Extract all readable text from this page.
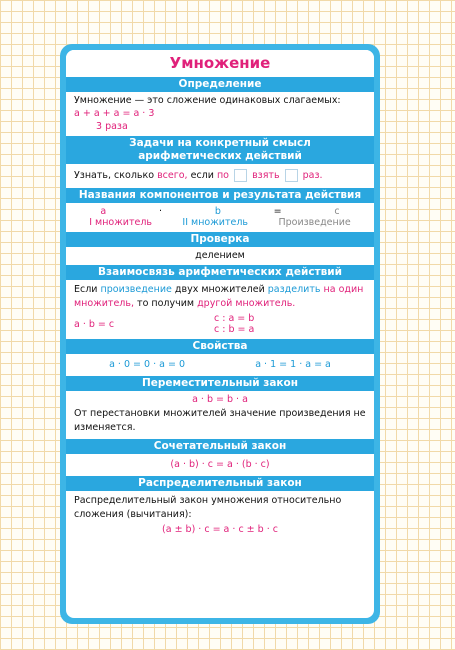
Умножение
Определение
Умножение — это сложение одинаковых слагаемых:
a + a + a = a · 3
3 раза
Задачи на конкретный смысл
арифметических действий
Узнать, сколько всего, если по взять раз.
Названия компонентов и результата действия
a	·	b	=	c
I множитель	II множитель	Произведение
Проверка
делением
Взаимосвязь арифметических действий
Если произведение двух множителей разделить на один множитель, то получим другой множитель.
a · b = c	c : a = b
c : b = a
Свойства
a · 0 = 0 · a = 0	a · 1 = 1 · a = a
Переместительный закон
a · b = b · a
От перестановки множителей значение произведения не изменяется.
Сочетательный закон
(a · b) · c = a · (b · c)
Распределительный закон
Распределительный закон умножения относительно сложения (вычитания):
(a ± b) · c = a · c ± b · c
